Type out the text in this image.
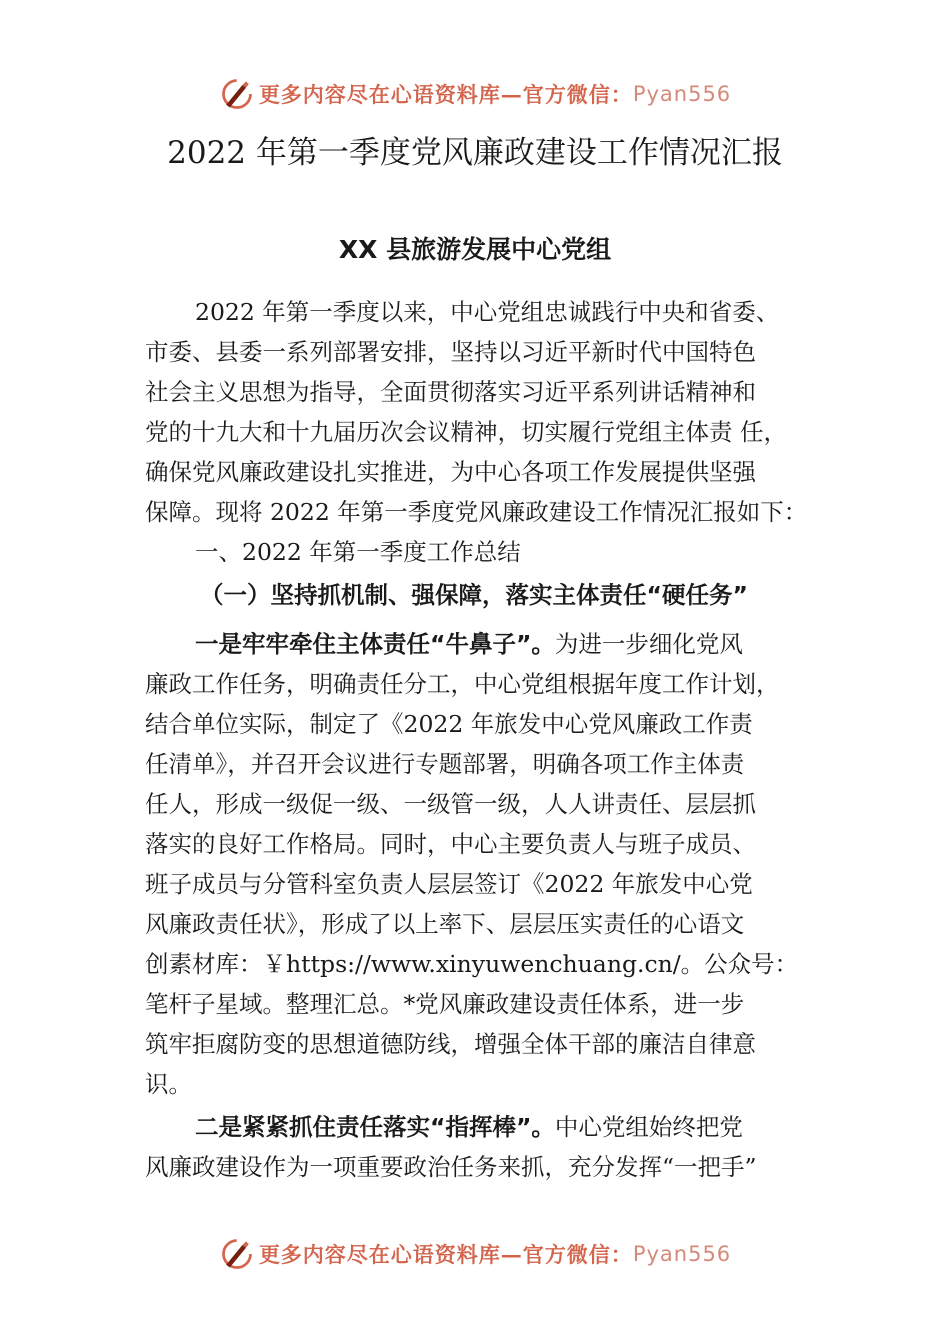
更多内容尽在心语资料库—官方微信： Pyan556
2022 年第一季度党风廉政建设工作情况汇报
XX 县旅游发展中心党组

2022 年第一季度以来，中心党组忠诚践行中央和省委、

市委、县委一系列部署安排，坚持以习近平新时代中国特色

社会主义思想为指导，全面贯彻落实习近平系列讲话精神和

党的十九大和十九届历次会议精神，切实履行党组主体责 任，

确保党风廉政建设扎实推进，为中心各项工作发展提供坚强

保障。现将 2022 年第一季度党风廉政建设工作情况汇报如下：

一、2022 年第一季度工作总结

（一）坚持抓机制、强保障，落实主体责任“硬任务”

一是牢牢牵住主体责任“牛鼻子”。为进一步细化党风

廉政工作任务，明确责任分工，中心党组根据年度工作计划，

结合单位实际，制定了《2022 年旅发中心党风廉政工作责

任清单》，并召开会议进行专题部署，明确各项工作主体责

任人，形成一级促一级、一级管一级，人人讲责任、层层抓

落实的良好工作格局。同时，中心主要负责人与班子成员、

班子成员与分管科室负责人层层签订《2022 年旅发中心党

风廉政责任状》，形成了以上率下、层层压实责任的心语文

创素材库：￥https://www.xinyuwenchuang.cn/。公众号：

笔杆子星域。整理汇总。*党风廉政建设责任体系，进一步

筑牢拒腐防变的思想道德防线，增强全体干部的廉洁自律意

识。

二是紧紧抓住责任落实“指挥棒”。中心党组始终把党

风廉政建设作为一项重要政治任务来抓，充分发挥“一把手”

更多内容尽在心语资料库—官方微信： Pyan556
